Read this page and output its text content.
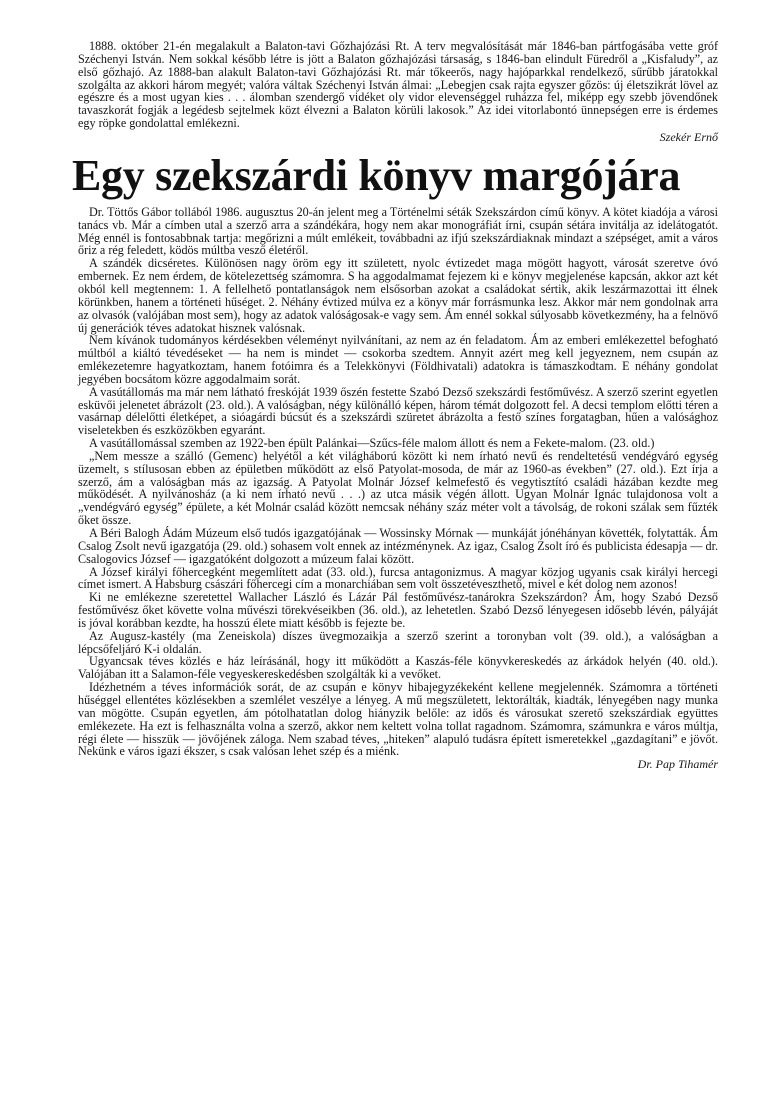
1888. október 21-én megalakult a Balaton-tavi Gőzhajózási Rt. A terv megvalósítását már 1846-ban pártfogásába vette gróf Széchenyi István. Nem sokkal később létre is jött a Balaton gőzhajózási társaság, s 1846-ban elindult Füredről a „Kisfaludy”, az első gőzhajó. Az 1888-ban alakult Balaton-tavi Gőzhajózási Rt. már tőkeerős, nagy hajóparkkal rendelkező, sűrűbb járatokkal szolgálta az akkori három megyét; valóra váltak Széchenyi István álmai: „Lebegjen csak rajta egyszer gőzös: új életszikrát lövel az egészre és a most ugyan kies . . . álomban szendergő vidéket oly vidor elevenséggel ruházza fel, miképp egy szebb jövendőnek tavaszkorát fogják a legédesb sejtelmek közt élvezni a Balaton körüli lakosok.” Az idei vitorlabontó ünnepségen erre is érdemes egy röpke gondolattal emlékezni.

Szekér Ernő
Egy szekszárdi könyv margójára

Dr. Töttős Gábor tollából 1986. augusztus 20-án jelent meg a Történelmi séták Szekszárdon című könyv. A kötet kiadója a városi tanács vb. Már a címben utal a szerző arra a szándékára, hogy nem akar monográfiát írni, csupán sétára invitálja az idelátogatót. Még ennél is fontosabbnak tartja: megőrizni a múlt emlékeit, továbbadni az ifjú szekszárdiaknak mindazt a szépséget, amit a város őriz a rég feledett, ködös múltba vesző életéről.

A szándék dicséretes. Különösen nagy öröm egy itt született, nyolc évtizedet maga mögött hagyott, városát szeretve óvó embernek. Ez nem érdem, de kötelezettség számomra. S ha aggodalmamat fejezem ki e könyv megjelenése kapcsán, akkor azt két okból kell megtennem: 1. A fellelhető pontatlanságok nem elsősorban azokat a családokat sértik, akik leszármazottai itt élnek körünkben, hanem a történeti hűséget. 2. Néhány évtized múlva ez a könyv már forrásmunka lesz. Akkor már nem gondolnak arra az olvasók (valójában most sem), hogy az adatok valóságosak-e vagy sem. Ám ennél sokkal súlyosabb következmény, ha a felnövő új generációk téves adatokat hisznek valósnak.

Nem kívánok tudományos kérdésekben véleményt nyilvánítani, az nem az én feladatom. Ám az emberi emlékezettel befogható múltból a kiáltó tévedéseket — ha nem is mindet — csokorba szedtem. Annyit azért meg kell jegyeznem, nem csupán az emlékezetemre hagyatkoztam, hanem fotóimra és a Telekkönyvi (Földhivatali) adatokra is támaszkodtam. E néhány gondolat jegyében bocsátom közre aggodalmaim sorát.

A vasútállomás ma már nem látható freskóját 1939 őszén festette Szabó Dezső szekszárdi festőművész. A szerző szerint egyetlen esküvői jelenetet ábrázolt (23. old.). A valóságban, négy különálló képen, három témát dolgozott fel. A decsi templom előtti téren a vasárnap délelőtti életképet, a sióagárdi búcsút és a szekszárdi szüretet ábrázolta a festő színes forgatagban, hűen a valósághoz viseletekben és eszközökben egyaránt.

A vasútállomással szemben az 1922-ben épült Palánkai—Szűcs-féle malom állott és nem a Fekete-malom. (23. old.)

„Nem messze a szálló (Gemenc) helyétől a két világháború között ki nem írható nevű és rendeltetésű vendégváró egység üzemelt, s stílusosan ebben az épületben működött az első Patyolat-mosoda, de már az 1960-as években” (27. old.). Ezt írja a szerző, ám a valóságban más az igazság. A Patyolat Molnár József kelmefestő és vegytisztító családi házában kezdte meg működését. A nyilvánosház (a ki nem írható nevű . . .) az utca másik végén állott. Ugyan Molnár Ignác tulajdonosa volt a „vendégváró egység” épülete, a két Molnár család között nemcsak néhány száz méter volt a távolság, de rokoni szálak sem fűzték őket össze.

A Béri Balogh Ádám Múzeum első tudós igazgatójának — Wossinsky Mórnak — munkáját jónéhányan követték, folytatták. Ám Csalog Zsolt nevű igazgatója (29. old.) sohasem volt ennek az intézménynek. Az igaz, Csalog Zsolt író és publicista édesapja — dr. Csalogovics József — igazgatóként dolgozott a múzeum falai között.

A József királyi főhercegként megemlített adat (33. old.), furcsa antagonizmus. A magyar közjog ugyanis csak királyi hercegi címet ismert. A Habsburg császári főhercegi cím a monarchiában sem volt összetéveszthető, mivel e két dolog nem azonos!

Ki ne emlékezne szeretettel Wallacher László és Lázár Pál festőművész-tanárokra Szekszárdon? Ám, hogy Szabó Dezső festőművész őket követte volna művészi törekvéseikben (36. old.), az lehetetlen. Szabó Dezső lényegesen idősebb lévén, pályáját is jóval korábban kezdte, ha hosszú élete miatt később is fejezte be.

Az Augusz-kastély (ma Zeneiskola) díszes üvegmozaikja a szerző szerint a toronyban volt (39. old.), a valóságban a lépcsőfeljáró K-i oldalán.

Ugyancsak téves közlés e ház leírásánál, hogy itt működött a Kaszás-féle könyvkereskedés az árkádok helyén (40. old.). Valójában itt a Salamon-féle vegyeskereskedésben szolgálták ki a vevőket.

Idézhetném a téves információk sorát, de az csupán e könyv hibajegyzékeként kellene megjelennék. Számomra a történeti hűséggel ellentétes közlésekben a szemlélet veszélye a lényeg. A mű megszületett, lektorálták, kiadták, lényegében nagy munka van mögötte. Csupán egyetlen, ám pótolhatatlan dolog hiányzik belőle: az idős és városukat szerető szekszárdiak együttes emlékezete. Ha ezt is felhasználta volna a szerző, akkor nem keltett volna tollat ragadnom. Számomra, számunkra e város múltja, régi élete — hisszük — jövőjének záloga. Nem szabad téves, „hiteken” alapuló tudásra épített ismeretekkel „gazdagítani” e jövőt. Nekünk e város igazi ékszer, s csak valósan lehet szép és a miénk.

Dr. Pap Tihamér
